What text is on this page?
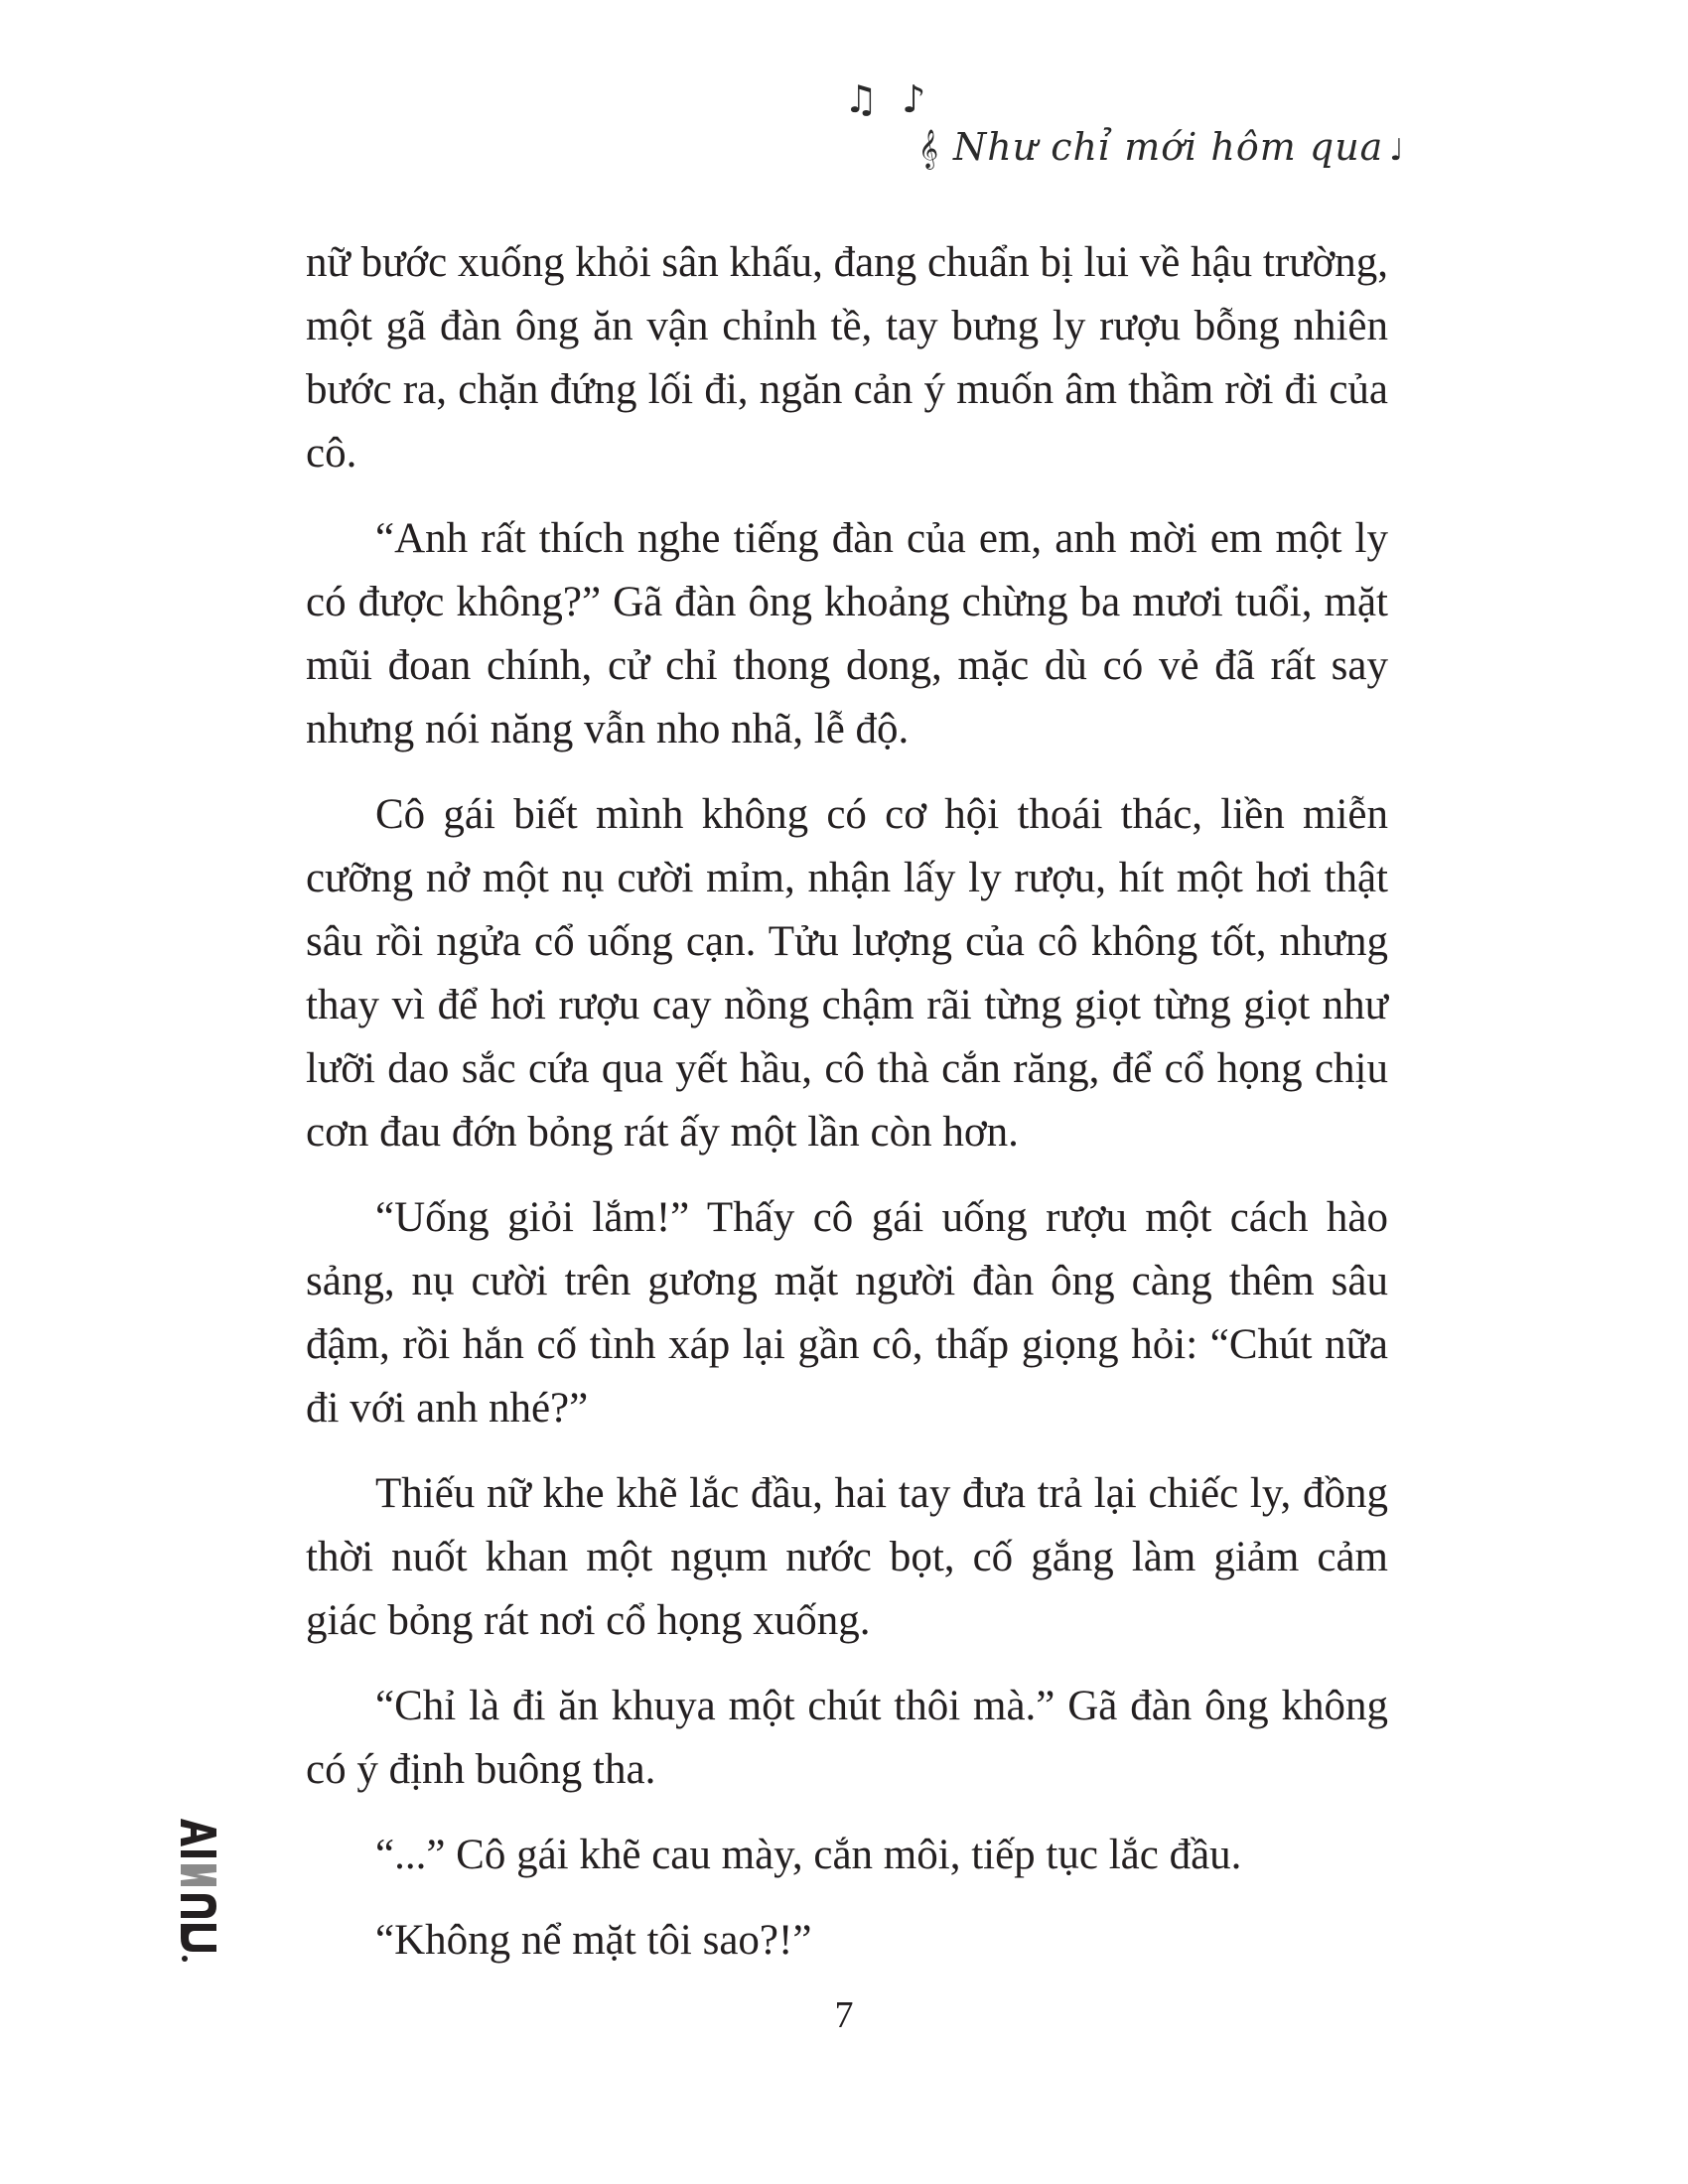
♫ ♪
𝄞 Như chỉ mới hôm qua ♩

nữ bước xuống khỏi sân khấu, đang chuẩn bị lui về hậu trường, một gã đàn ông ăn vận chỉnh tề, tay bưng ly rượu bỗng nhiên bước ra, chặn đứng lối đi, ngăn cản ý muốn âm thầm rời đi của cô.

“Anh rất thích nghe tiếng đàn của em, anh mời em một ly có được không?” Gã đàn ông khoảng chừng ba mươi tuổi, mặt mũi đoan chính, cử chỉ thong dong, mặc dù có vẻ đã rất say nhưng nói năng vẫn nho nhã, lễ độ.

Cô gái biết mình không có cơ hội thoái thác, liền miễn cưỡng nở một nụ cười mỉm, nhận lấy ly rượu, hít một hơi thật sâu rồi ngửa cổ uống cạn. Tửu lượng của cô không tốt, nhưng thay vì để hơi rượu cay nồng chậm rãi từng giọt từng giọt như lưỡi dao sắc cứa qua yết hầu, cô thà cắn răng, để cổ họng chịu cơn đau đớn bỏng rát ấy một lần còn hơn.

“Uống giỏi lắm!” Thấy cô gái uống rượu một cách hào sảng, nụ cười trên gương mặt người đàn ông càng thêm sâu đậm, rồi hắn cố tình xáp lại gần cô, thấp giọng hỏi: “Chút nữa đi với anh nhé?”

Thiếu nữ khe khẽ lắc đầu, hai tay đưa trả lại chiếc ly, đồng thời nuốt khan một ngụm nước bọt, cố gắng làm giảm cảm giác bỏng rát nơi cổ họng xuống.

“Chỉ là đi ăn khuya một chút thôi mà.” Gã đàn ông không có ý định buông tha.

“...” Cô gái khẽ cau mày, cắn môi, tiếp tục lắc đầu.

“Không nể mặt tôi sao?!”

7
